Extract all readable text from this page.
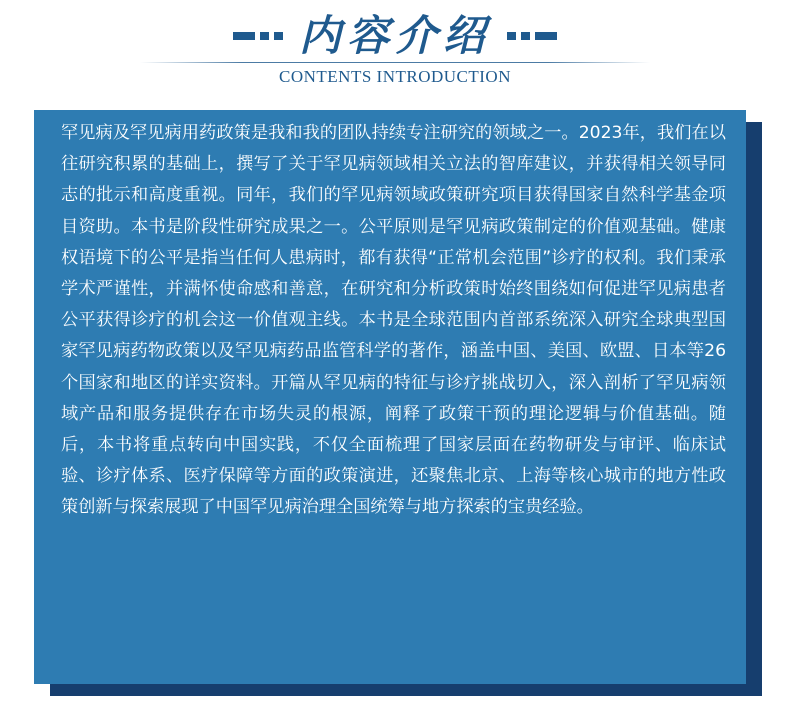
内容介绍
CONTENTS INTRODUCTION

罕见病及罕见病用药政策是我和我的团队持续专注研究的领域之一。2023年，我们在以往研究积累的基础上，撰写了关于罕见病领域相关立法的智库建议，并获得相关领导同志的批示和高度重视。同年，我们的罕见病领域政策研究项目获得国家自然科学基金项目资助。本书是阶段性研究成果之一。公平原则是罕见病政策制定的价值观基础。健康权语境下的公平是指当任何人患病时，都有获得“正常机会范围”诊疗的权利。我们秉承学术严谨性，并满怀使命感和善意，在研究和分析政策时始终围绕如何促进罕见病患者公平获得诊疗的机会这一价值观主线。本书是全球范围内首部系统深入研究全球典型国家罕见病药物政策以及罕见病药品监管科学的著作，涵盖中国、美国、欧盟、日本等26个国家和地区的详实资料。开篇从罕见病的特征与诊疗挑战切入，深入剖析了罕见病领域产品和服务提供存在市场失灵的根源，阐释了政策干预的理论逻辑与价值基础。随后，本书将重点转向中国实践，不仅全面梳理了国家层面在药物研发与审评、临床试验、诊疗体系、医疗保障等方面的政策演进，还聚焦北京、上海等核心城市的地方性政策创新与探索展现了中国罕见病治理全国统筹与地方探索的宝贵经验。
